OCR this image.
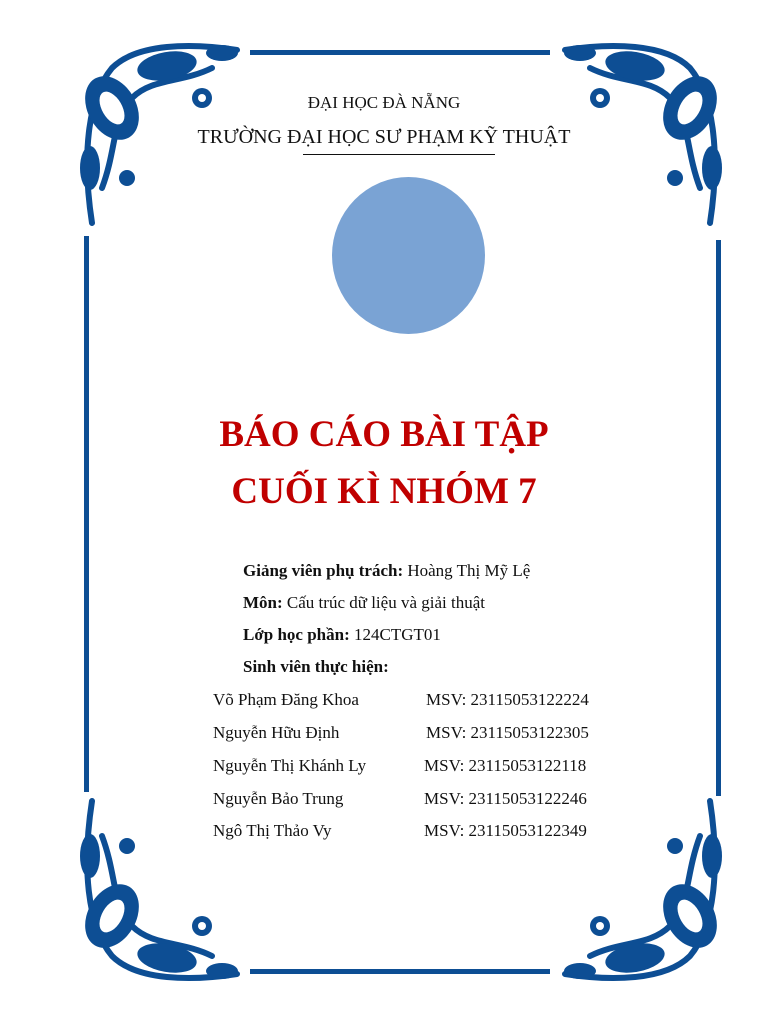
ĐẠI HỌC ĐÀ NẴNG
TRƯỜNG ĐẠI HỌC SƯ PHẠM KỸ THUẬT
BÁO CÁO BÀI TẬP
CUỐI KÌ NHÓM 7
Giảng viên phụ trách: Hoàng Thị Mỹ Lệ
Môn: Cấu trúc dữ liệu và giải thuật
Lớp học phần: 124CTGT01
Sinh viên thực hiện:
Võ Phạm Đăng Khoa	MSV: 23115053122224
Nguyễn Hữu Định	MSV: 23115053122305
Nguyễn Thị Khánh Ly	MSV: 23115053122118
Nguyễn Bảo Trung	MSV: 23115053122246
Ngô Thị Thảo Vy	MSV: 23115053122349
